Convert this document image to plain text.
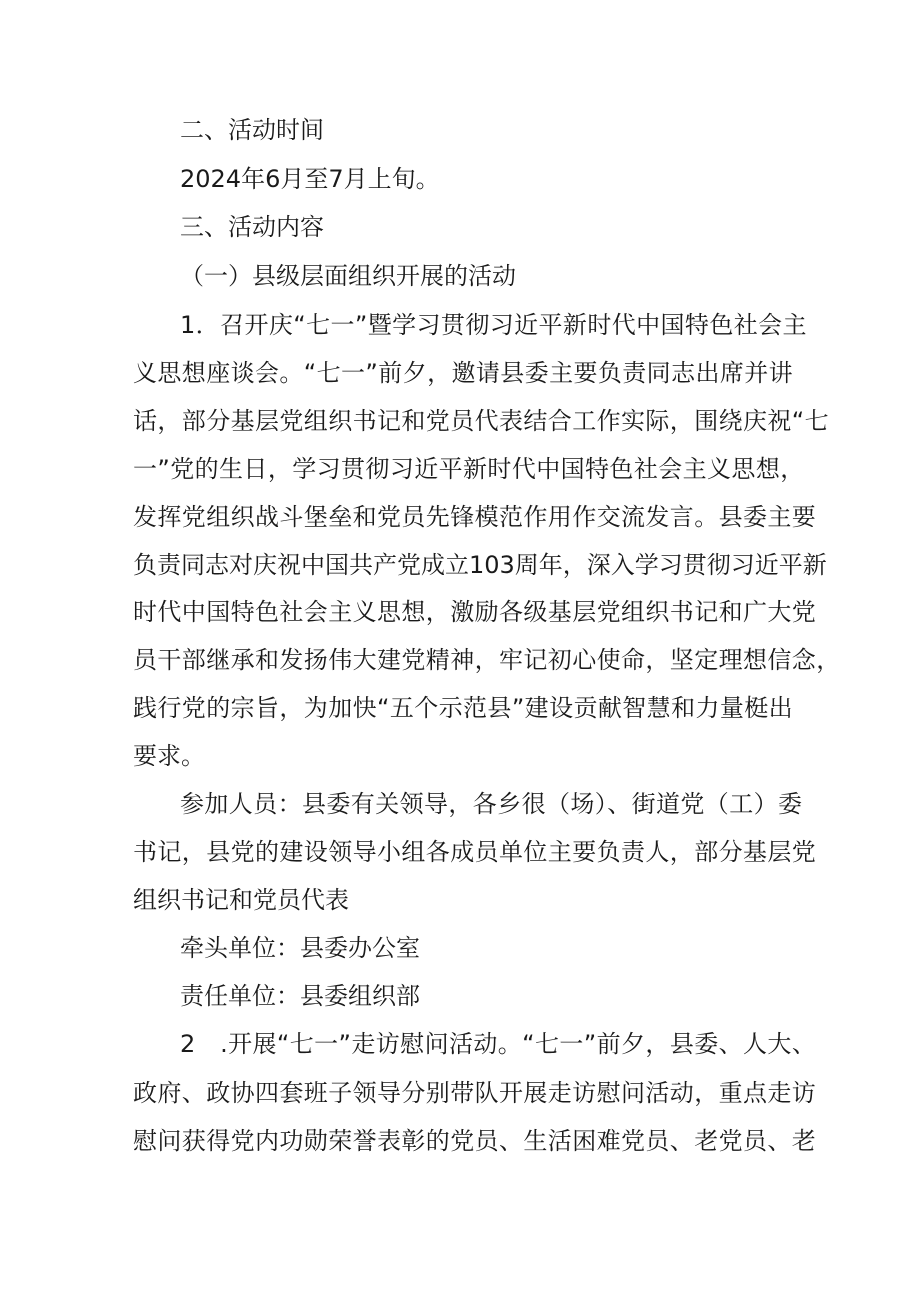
二、活动时间
2024年6月至7月上旬。
三、活动内容
（一）县级层面组织开展的活动
1．召开庆“七一”暨学习贯彻习近平新时代中国特色社会主
义思想座谈会。“七一”前夕，邀请县委主要负责同志出席并讲
话，部分基层党组织书记和党员代表结合工作实际，围绕庆祝“七
一”党的生日，学习贯彻习近平新时代中国特色社会主义思想，
发挥党组织战斗堡垒和党员先锋模范作用作交流发言。县委主要
负责同志对庆祝中国共产党成立103周年，深入学习贯彻习近平新
时代中国特色社会主义思想，激励各级基层党组织书记和广大党
员干部继承和发扬伟大建党精神，牢记初心使命，坚定理想信念，
践行党的宗旨，为加快“五个示范县”建设贡献智慧和力量梃出
要求。
参加人员：县委有关领导，各乡很（场）、街道党（工）委
书记，县党的建设领导小组各成员单位主要负责人，部分基层党
组织书记和党员代表
牵头单位：县委办公室
责任单位：县委组织部
2　.开展“七一”走访慰问活动。“七一”前夕，县委、人大、
政府、政协四套班子领导分别带队开展走访慰问活动，重点走访
慰问获得党内功勋荣誉表彰的党员、生活困难党员、老党员、老
